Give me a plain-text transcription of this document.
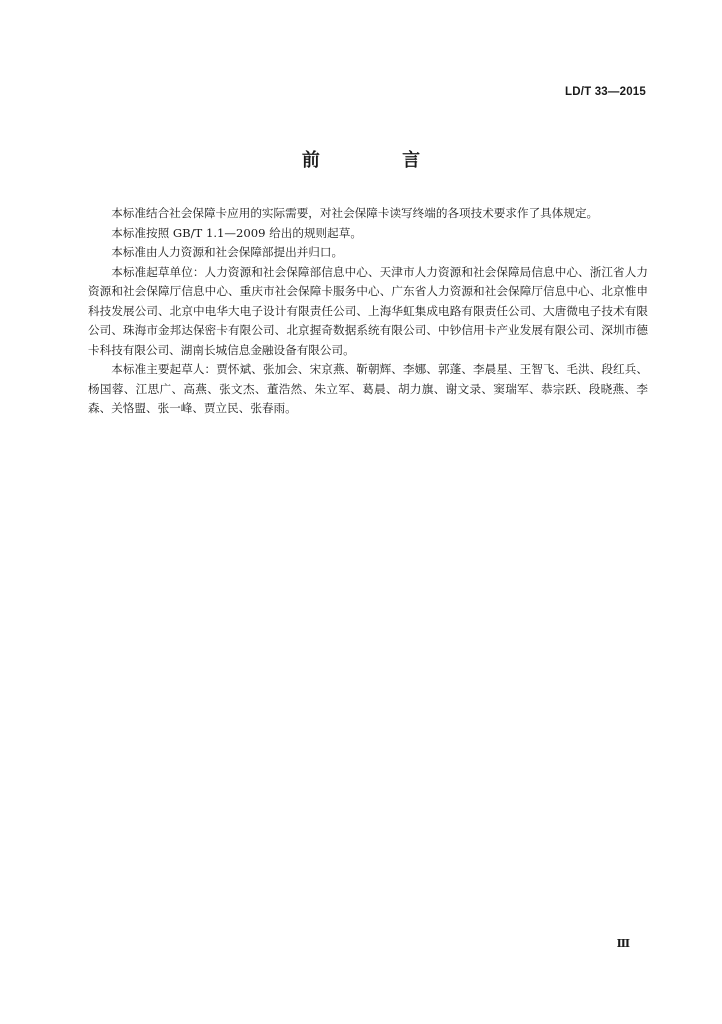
LD/T 33—2015
前 言

本标准结合社会保障卡应用的实际需要，对社会保障卡读写终端的各项技术要求作了具体规定。

本标准按照 GB/T 1.1—2009 给出的规则起草。

本标准由人力资源和社会保障部提出并归口。

本标准起草单位：人力资源和社会保障部信息中心、天津市人力资源和社会保障局信息中心、浙江省人力资源和社会保障厅信息中心、重庆市社会保障卡服务中心、广东省人力资源和社会保障厅信息中心、北京惟申科技发展公司、北京中电华大电子设计有限责任公司、上海华虹集成电路有限责任公司、大唐微电子技术有限公司、珠海市金邦达保密卡有限公司、北京握奇数据系统有限公司、中钞信用卡产业发展有限公司、深圳市德卡科技有限公司、湖南长城信息金融设备有限公司。

本标准主要起草人：贾怀斌、张加会、宋京燕、靳朝辉、李娜、郭蓬、李晨星、王智飞、毛洪、段红兵、杨国蓉、江思广、高燕、张文杰、董浩然、朱立军、葛晨、胡力旗、谢文录、窦瑞军、恭宗跃、段晓燕、李森、关恪盟、张一峰、贾立民、张春雨。

Ⅲ
